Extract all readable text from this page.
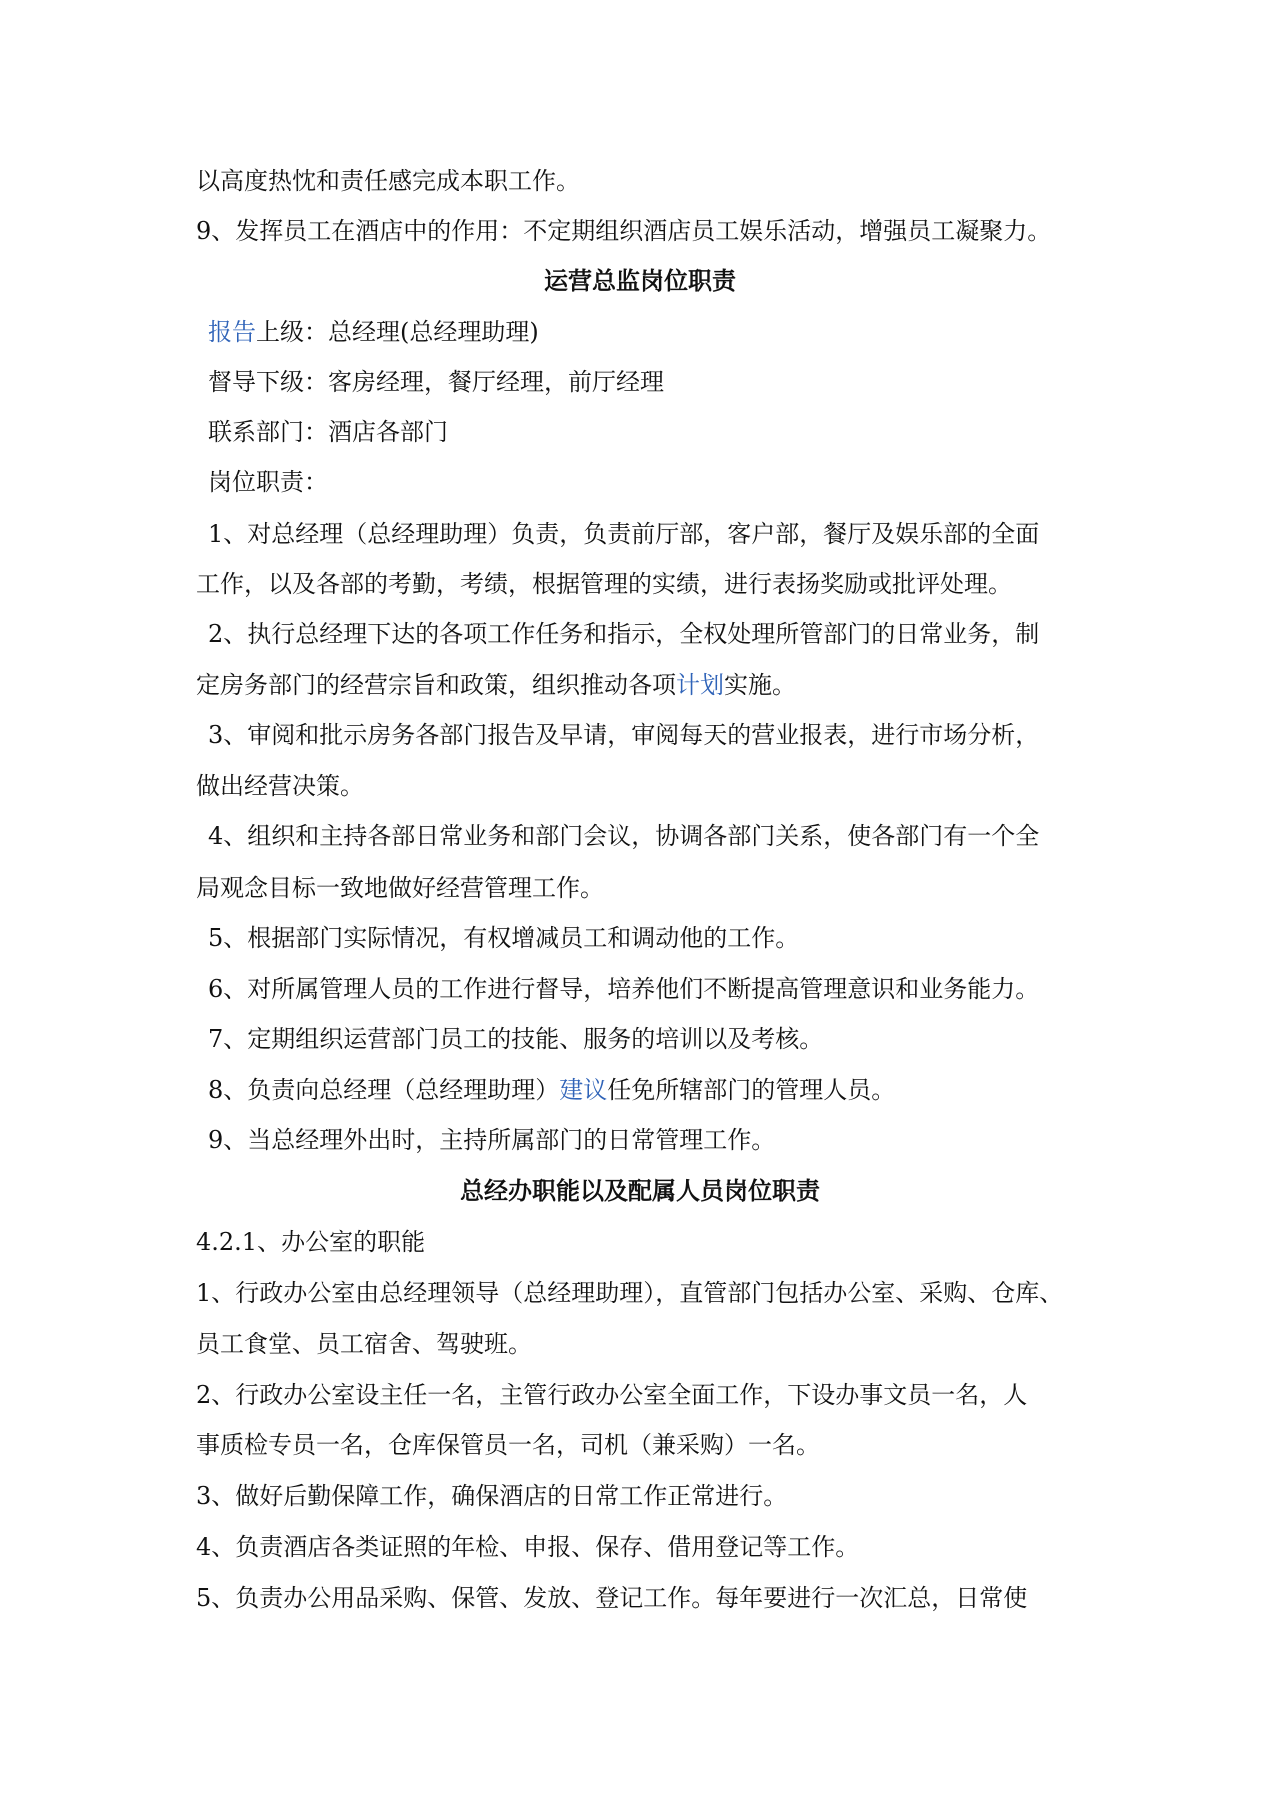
以高度热忱和责任感完成本职工作。
9、发挥员工在酒店中的作用：不定期组织酒店员工娱乐活动，增强员工凝聚力。
运营总监岗位职责
报告上级：总经理(总经理助理)
督导下级：客房经理，餐厅经理，前厅经理
联系部门：酒店各部门
岗位职责：
1、对总经理（总经理助理）负责，负责前厅部，客户部，餐厅及娱乐部的全面
工作，以及各部的考勤，考绩，根据管理的实绩，进行表扬奖励或批评处理。
2、执行总经理下达的各项工作任务和指示，全权处理所管部门的日常业务，制
定房务部门的经营宗旨和政策，组织推动各项计划实施。
3、审阅和批示房务各部门报告及早请，审阅每天的营业报表，进行市场分析，
做出经营决策。
4、组织和主持各部日常业务和部门会议，协调各部门关系，使各部门有一个全
局观念目标一致地做好经营管理工作。
5、根据部门实际情况，有权增减员工和调动他的工作。
6、对所属管理人员的工作进行督导，培养他们不断提高管理意识和业务能力。
7、定期组织运营部门员工的技能、服务的培训以及考核。
8、负责向总经理（总经理助理）建议任免所辖部门的管理人员。
9、当总经理外出时，主持所属部门的日常管理工作。
总经办职能以及配属人员岗位职责
4.2.1、办公室的职能
1、行政办公室由总经理领导（总经理助理），直管部门包括办公室、采购、仓库、
员工食堂、员工宿舍、驾驶班。
2、行政办公室设主任一名，主管行政办公室全面工作，下设办事文员一名，人
事质检专员一名，仓库保管员一名，司机（兼采购）一名。
3、做好后勤保障工作，确保酒店的日常工作正常进行。
4、负责酒店各类证照的年检、申报、保存、借用登记等工作。
5、负责办公用品采购、保管、发放、登记工作。每年要进行一次汇总，日常使
